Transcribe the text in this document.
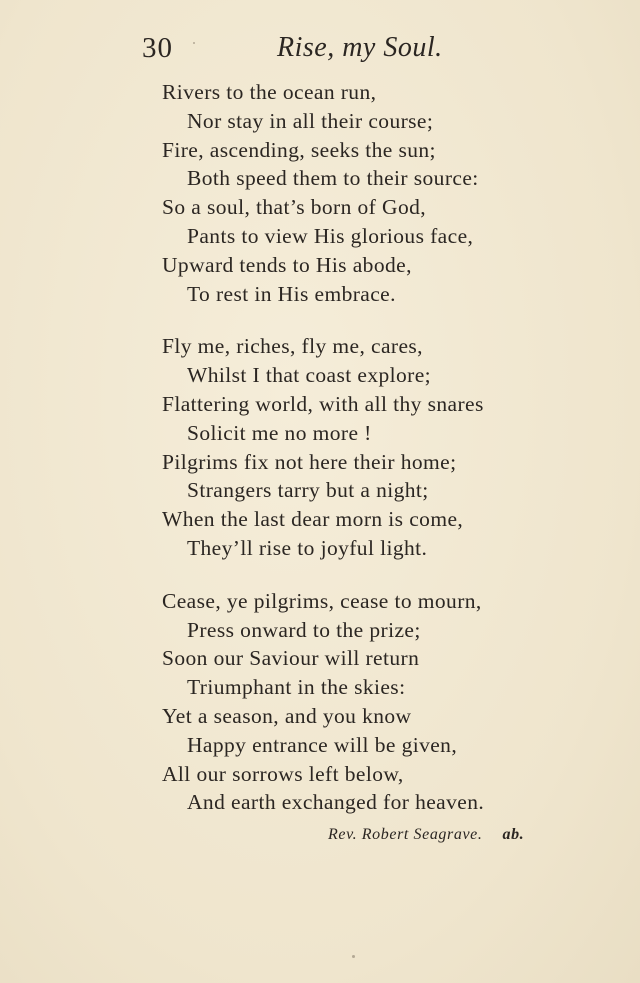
30	Rise, my Soul.
Rivers to the ocean run,
Nor stay in all their course;
Fire, ascending, seeks the sun;
Both speed them to their source:
So a soul, that’s born of God,
Pants to view His glorious face,
Upward tends to His abode,
To rest in His embrace.
Fly me, riches, fly me, cares,
Whilst I that coast explore;
Flattering world, with all thy snares
Solicit me no more !
Pilgrims fix not here their home;
Strangers tarry but a night;
When the last dear morn is come,
They’ll rise to joyful light.
Cease, ye pilgrims, cease to mourn,
Press onward to the prize;
Soon our Saviour will return
Triumphant in the skies:
Yet a season, and you know
Happy entrance will be given,
All our sorrows left below,
And earth exchanged for heaven.
Rev. Robert Seagrave. ab.
